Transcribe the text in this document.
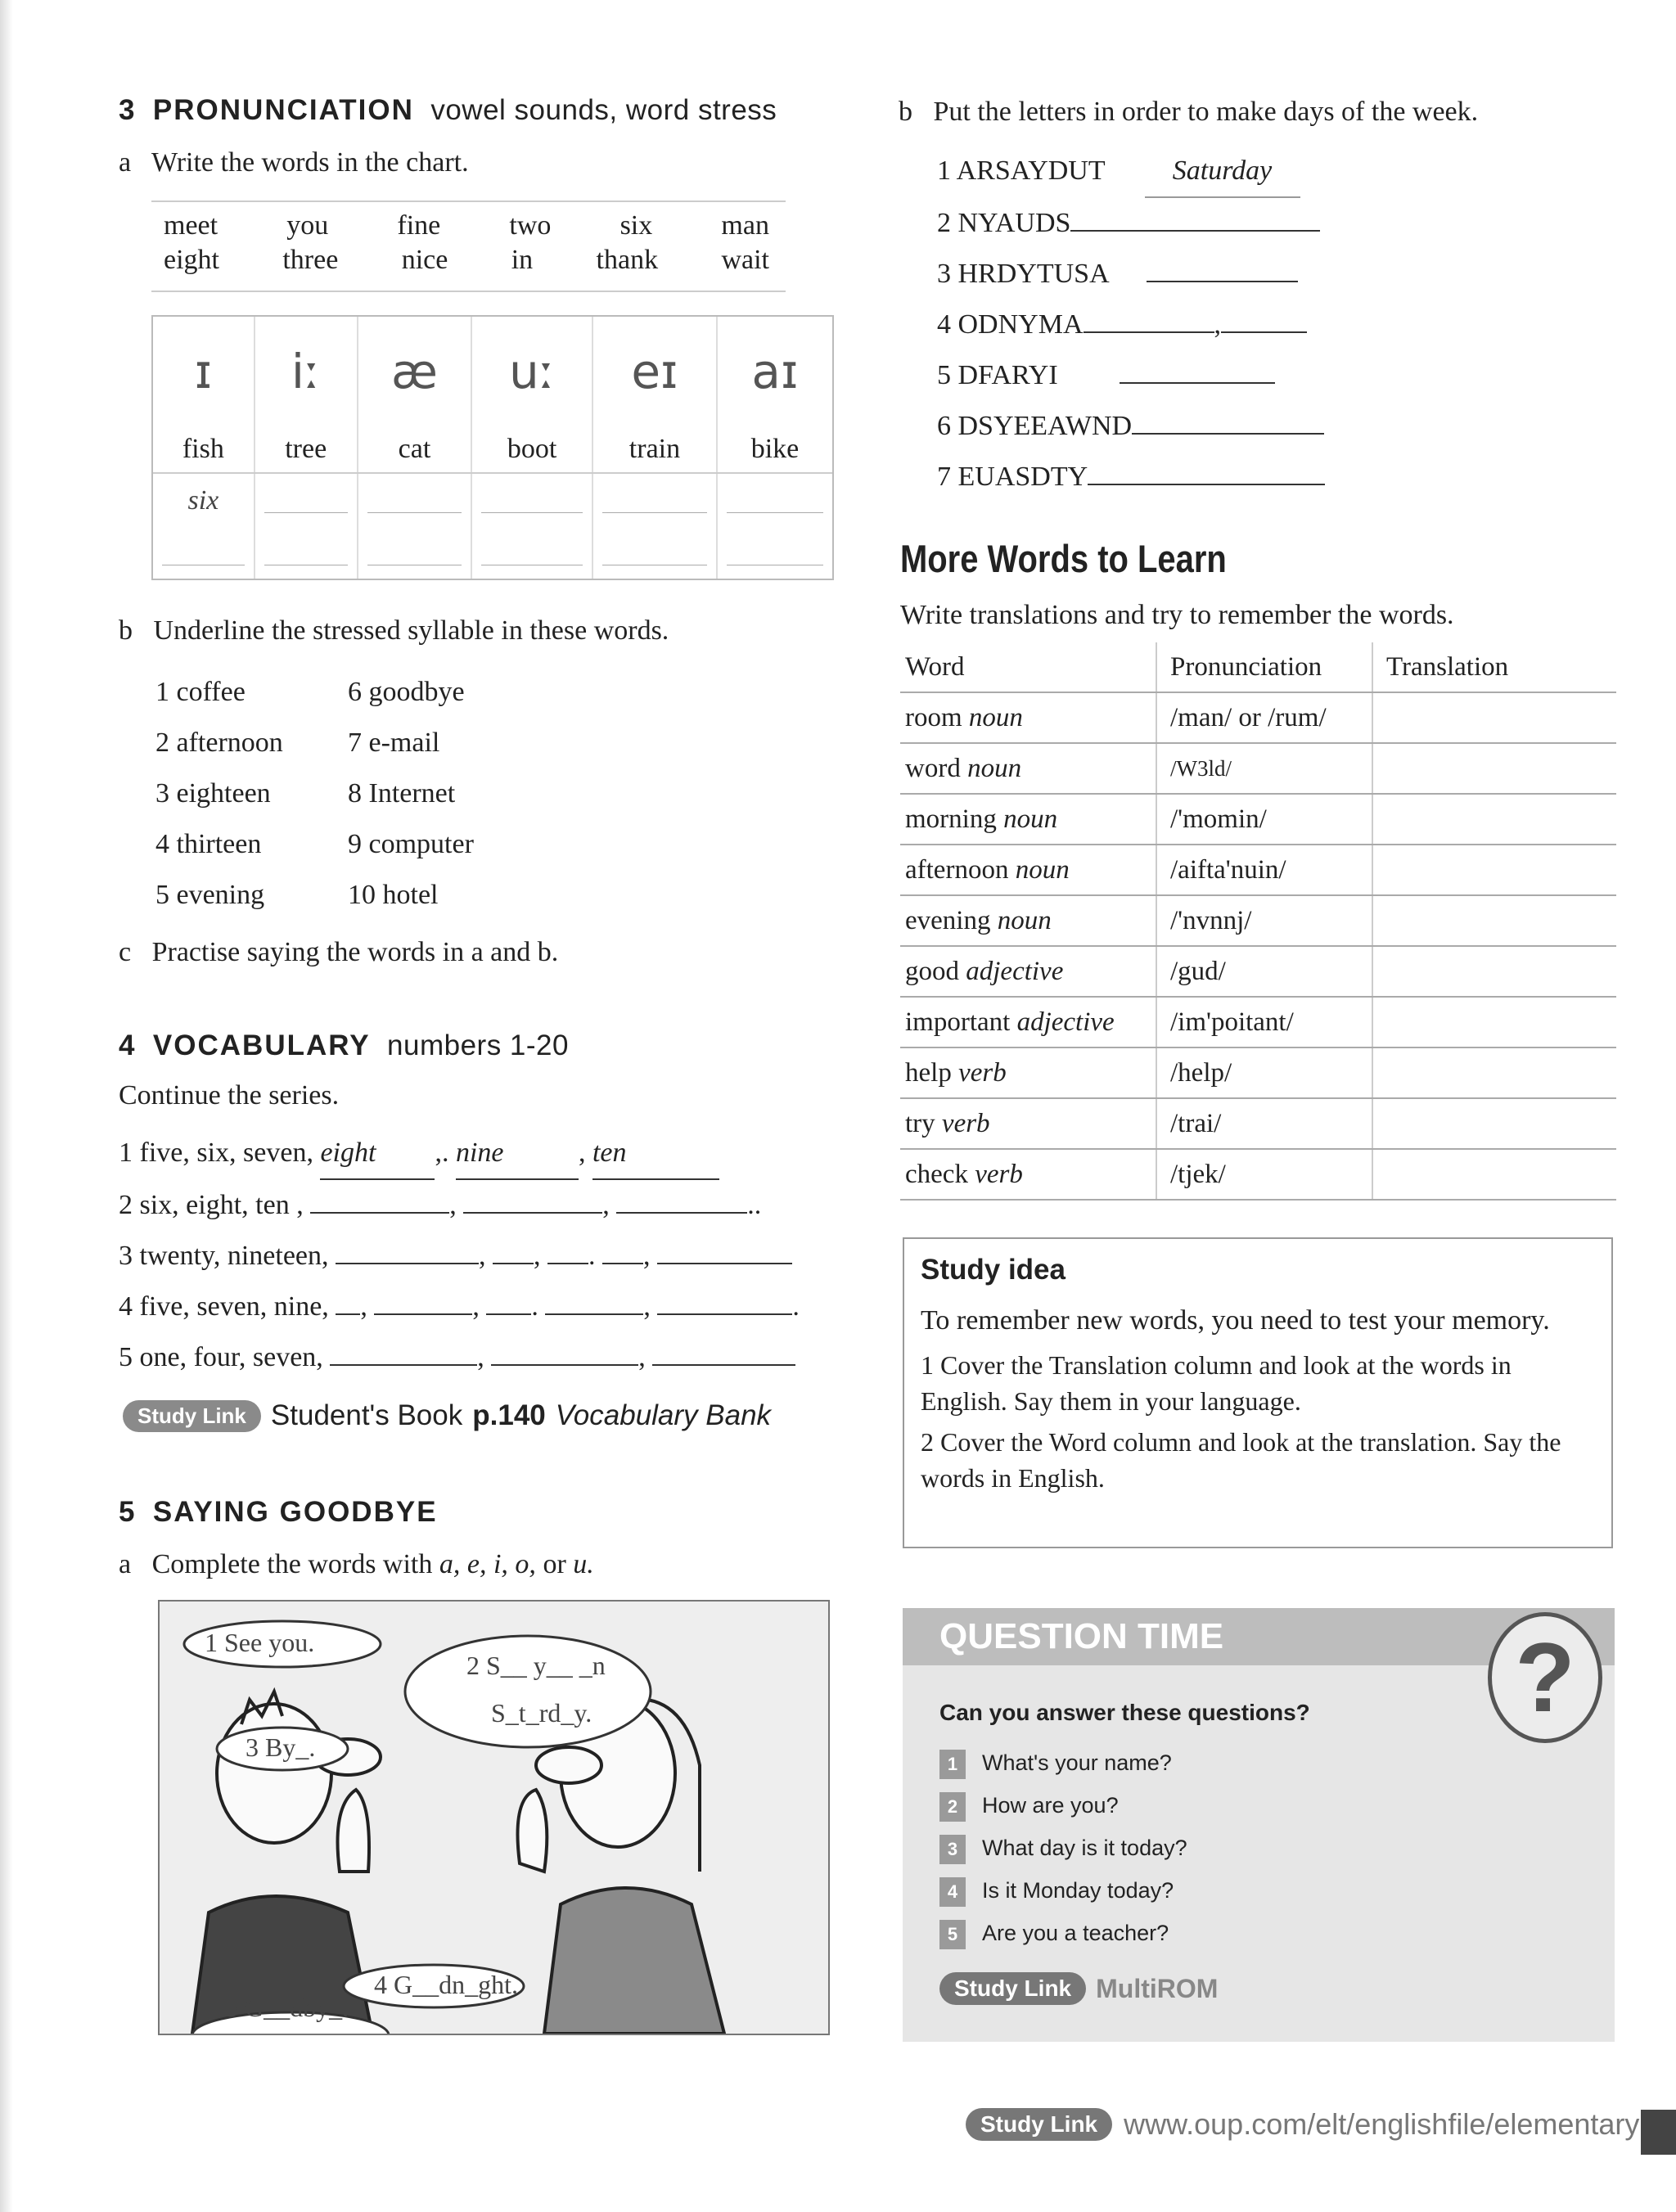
3 PRONUNCIATION vowel sounds, word stress
a Write the words in the chart.
meet you fine two six man
eight three nice in thank wait
ɪ	iː	æ	uː	eɪ	aɪ
fish	tree	cat	boot	train	bike
six	

b Underline the stressed syllable in these words.
1 coffee
2 afternoon
3 eighteen
4 thirteen
5 evening
6 goodbye
7 e-mail
8 Internet
9 computer
10 hotel
c Practise saying the words in a and b.
4 VOCABULARY numbers 1-20
Continue the series.
1 five, six, seven, eight ,. nine	, ten
2 six, eight, ten ,	,	,	..
3 twenty, nineteen,	, , . ,
4 five, seven, nine, ,	, .	,	.
5 one, four, seven,	,	,
Study Link Student's Book p.140 Vocabulary Bank
5 SAYING GOODBYE
a Complete the words with a, e, i, o, or u.
1 See you.
2 S__ y__ _n
S_t_rd_y.
3 By_.
4 G__dn_ght.
5 G__dby_.
b Put the letters in order to make days of the week.
1 ARSAYDUT Saturday
2 NYAUDS
3 HRDYTUSA
4 ODNYMA	,
5 DFARYI
6 DSYEEAWND
7 EUASDTY
More Words to Learn
Write translations and try to remember the words.
Word	Pronunciation	Translation
room noun	/man/ or /rum/	
word noun	/W3ld/	
morning noun	/'momin/	
afternoon noun	/aifta'nuin/	
evening noun	/'nvnnj/	
good adjective	/gud/	
important adjective	/im'poitant/	
help verb	/help/	
try verb	/trai/	
check verb	/tjek/	
Study idea
To remember new words, you need to test your memory.
1 Cover the Translation column and look at the words in English. Say them in your language.
2 Cover the Word column and look at the translation. Say the words in English.
QUESTION TIME	?
Can you answer these questions?
1 What's your name?
2 How are you?
3 What day is it today?
4 Is it Monday today?
5 Are you a teacher?
Study Link MultiROM
Study Link www.oup.com/elt/englishfile/elementary
